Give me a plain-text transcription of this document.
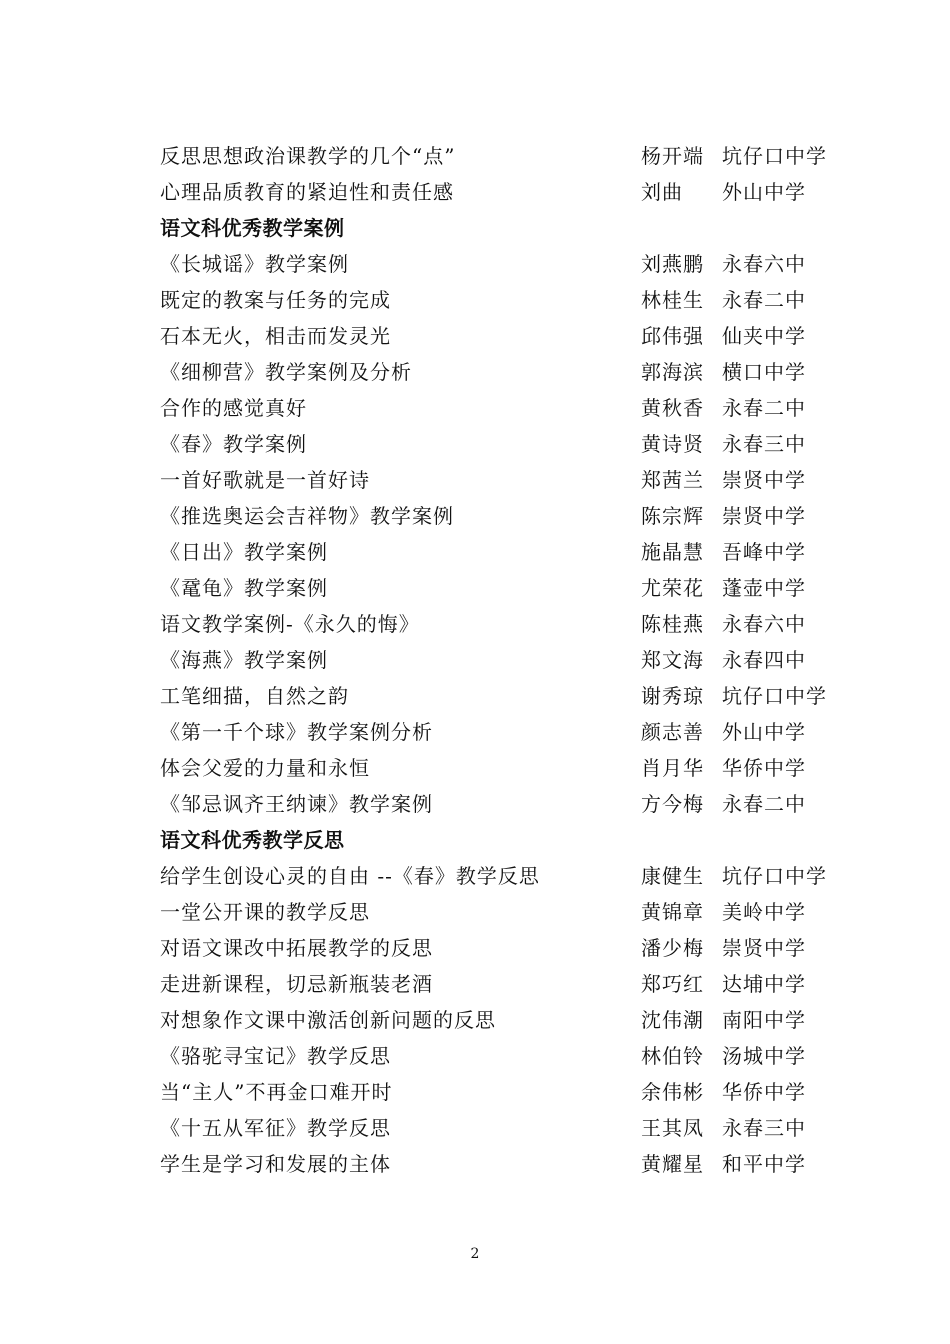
反思思想政治课教学的几个“点”	杨开端 坑仔口中学
心理品质教育的紧迫性和责任感	刘曲	外山中学
语文科优秀教学案例
《长城谣》教学案例	刘燕鹏 永春六中
既定的教案与任务的完成	林桂生 永春二中
石本无火，相击而发灵光	邱伟强 仙夹中学
《细柳营》教学案例及分析	郭海滨 横口中学
合作的感觉真好	黄秋香 永春二中
《春》教学案例	黄诗贤 永春三中
一首好歌就是一首好诗	郑茜兰 崇贤中学
《推选奥运会吉祥物》教学案例	陈宗辉 崇贤中学
《日出》教学案例	施晶慧 吾峰中学
《鼋龟》教学案例	尤荣花 蓬壶中学
语文教学案例-《永久的悔》	陈桂燕 永春六中
《海燕》教学案例	郑文海 永春四中
工笔细描，自然之韵	谢秀琼 坑仔口中学
《第一千个球》教学案例分析	颜志善 外山中学
体会父爱的力量和永恒	肖月华 华侨中学
《邹忌讽齐王纳谏》教学案例	方今梅 永春二中
语文科优秀教学反思
给学生创设心灵的自由 --《春》教学反思	康健生 坑仔口中学
一堂公开课的教学反思	黄锦章 美岭中学
对语文课改中拓展教学的反思	潘少梅 崇贤中学
走进新课程，切忌新瓶装老酒	郑巧红 达埔中学
对想象作文课中激活创新问题的反思	沈伟潮 南阳中学
《骆驼寻宝记》教学反思	林伯铃 汤城中学
当“主人”不再金口难开时	余伟彬 华侨中学
《十五从军征》教学反思	王其凤 永春三中
学生是学习和发展的主体	黄耀星 和平中学
2
